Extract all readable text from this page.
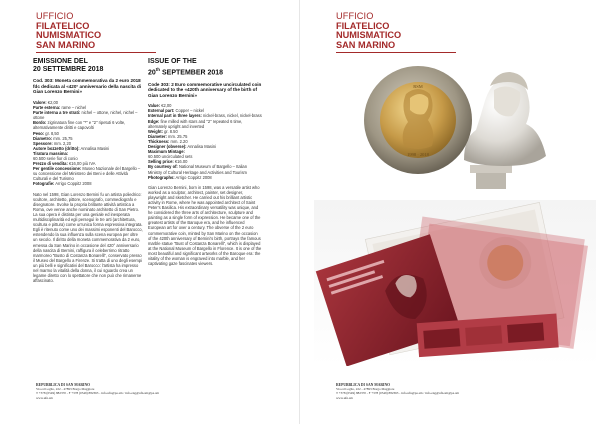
UFFICIO
FILATELICO
NUMISMATICO
SAN MARINO

EMISSIONE DEL

20 SETTEMBRE 2018

Cod. 303: Moneta commemorativa da 2 euro 2018 fdc dedicata al «420° anniversario della nascita di Gian Lorenzo Bernini»

Valore: €2,00

Parte esterna: rame – nichel

Parte interna a tre strati: nichel – ottone, nichel, nichel – ottone

Bordo: zigrinatura fine con "*" e "2" ripetuti 6 volte, alternativamente diritti e capovolti

Peso: gr. 8,50

Diametro: mm. 25,75

Spessore: mm. 2,20

Autore bozzetto (dritto): Annalisa Masini

Tiratura massima:

60.500 serie fior di conio

Prezzo di vendita: €16,00 più IVA

Per gentile concessione: Museo Nazionale del Bargello – su concessione del Ministero dei Beni e delle Attività Culturali e del Turismo

Fotografie: Arrigo Coppitz 2008

Nato nel 1598, Gian Lorenzo Bernini fu un artista poliedrico: scultore, architetto, pittore, scenografo, commediografo e disegnatore. Svolse la propria brillante attività artistica a Roma, ove venne anche nominato architetto di San Pietro. La sua opera è distinta per una geniale ed inesperata multidisciplinarità ed egli perseguì le tre arti (architettura, scultura e pittura) come un'unica forma espressiva integrata. Egli è ritenuto come uno dei massimi esponenti del Barocco, estendendo la sua influenza sulla scena europea per oltre un secolo. Il diritto della moneta commemorativa da 2 euro, emessa da San Marino in occasione del 420° anniversario della nascita di Bernini, raffigura il celeberrimo ritratto marmoreo "Busto di Costanza Bonarelli", conservato presso il Museo del Bargello a Firenze. Si tratta di uno degli esempi un più belli e significativi del Barocco: l'artista ha impresso nel marmo la vitalità della donna, il cui sguardo crea un legame diretto con lo spettatore che non può che rimanerne affascinato.

ISSUE OF THE

20th SEPTEMBER 2018

Code 303: 2 Euro commemorative uncirculated coin dedicated to the «420th anniversary of the birth of Gian Lorenzo Bernini»

Value: €2,00

External part: Copper – nickel

Internal part in three layers: nickel-brass, nickel, nickel-brass

Edge: fine milled with stars and "2" repeated 6 time, alternately upright and inverted

Weight: gr. 8.50

Diameter: mm. 25.75

Thickness: mm. 2.20

Designer (obverse): Annalisa Masini

Maximum Mintage:

60.500 uncirculated sets

Selling price: €16.00

By courtesy of: National Museum of Bargello – Italian Ministry of Cultural Heritage and Activities and Tourism

Photographs: Arrigo Coppitz 2008

Gian Lorenzo Bernini, born in 1598, was a versatile artist who worked as a sculptor, architect, painter, set designer, playwright and sketcher. He carried out his brilliant artistic activity in Rome, where he was appointed architect of Saint Peter's Basilica. His extraordinary versatility was unique, and he considered the three arts of architecture, sculpture and painting as a single form of expression. He became one of the greatest artists of the Baroque era, and he influenced European art for over a century. The obverse of the 2 euro commemorative coin, minted by San Marino on the occasion of the 420th anniversary of Bernini's birth, portrays the famous marble statue "Bust of Costanza Bonarelli", which is displayed at the National Museum of Bargello in Florence. It is one of the most beautiful and significant artworks of the Baroque era: the vitality of the woman is engraved into marble, and her captivating gaze fascinates viewers.

REPUBBLICA DI SAN MARINO
Via ed Loglio, 222 - 47893 Borgo Maggiore
T +378 (0549) 882370 - F +378 (0549) 882363 - info.ufn@pa.sm / info.eng@ufn.sm@pa.sm
www.ufn.sm
UFFICIO
FILATELICO
NUMISMATICO
SAN MARINO
1998 · 2018
RSM
REPUBBLICA DI SAN MARINO
Via ed Loglio, 222 - 47893 Borgo Maggiore
T +378 (0549) 882370 - F +378 (0549) 882363 - info.ufn@pa.sm / info.eng@ufn.sm@pa.sm
www.ufn.sm
